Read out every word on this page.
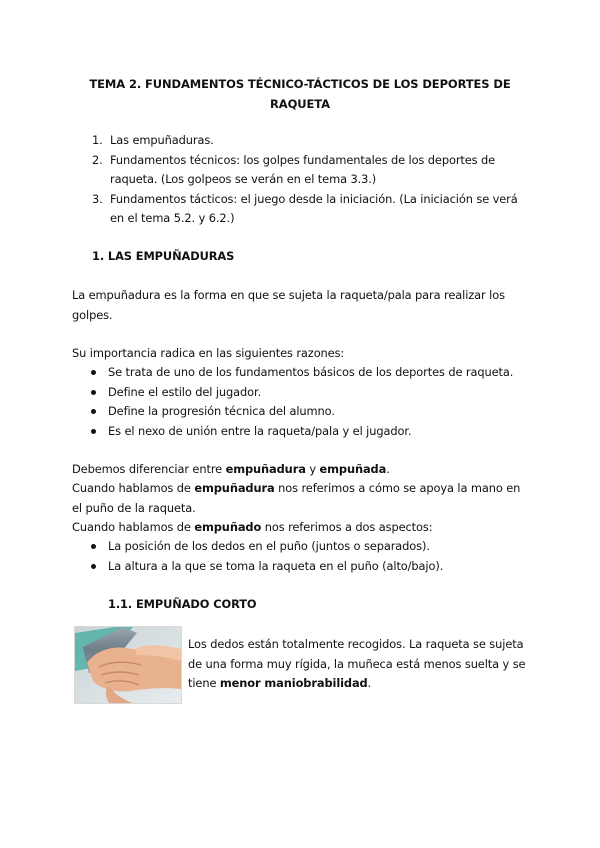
TEMA 2. FUNDAMENTOS TÉCNICO-TÁCTICOS DE LOS DEPORTES DE
RAQUETA
1. Las empuñaduras.
2. Fundamentos técnicos: los golpes fundamentales de los deportes de raqueta. (Los golpeos se verán en el tema 3.3.)
3. Fundamentos tácticos: el juego desde la iniciación. (La iniciación se verá en el tema 5.2. y 6.2.)
1. LAS EMPUÑADURAS

La empuñadura es la forma en que se sujeta la raqueta/pala para realizar los golpes.

Su importancia radica en las siguientes razones:

Se trata de uno de los fundamentos básicos de los deportes de raqueta.
Define el estilo del jugador.
Define la progresión técnica del alumno.
Es el nexo de unión entre la raqueta/pala y el jugador.

Debemos diferenciar entre empuñadura y empuñada.

Cuando hablamos de empuñadura nos referimos a cómo se apoya la mano en el puño de la raqueta.

Cuando hablamos de empuñado nos referimos a dos aspectos:

La posición de los dedos en el puño (juntos o separados).
La altura a la que se toma la raqueta en el puño (alto/bajo).
1.1. EMPUÑADO CORTO

Los dedos están totalmente recogidos. La raqueta se sujeta de una forma muy rígida, la muñeca está menos suelta y se tiene menor maniobrabilidad.
